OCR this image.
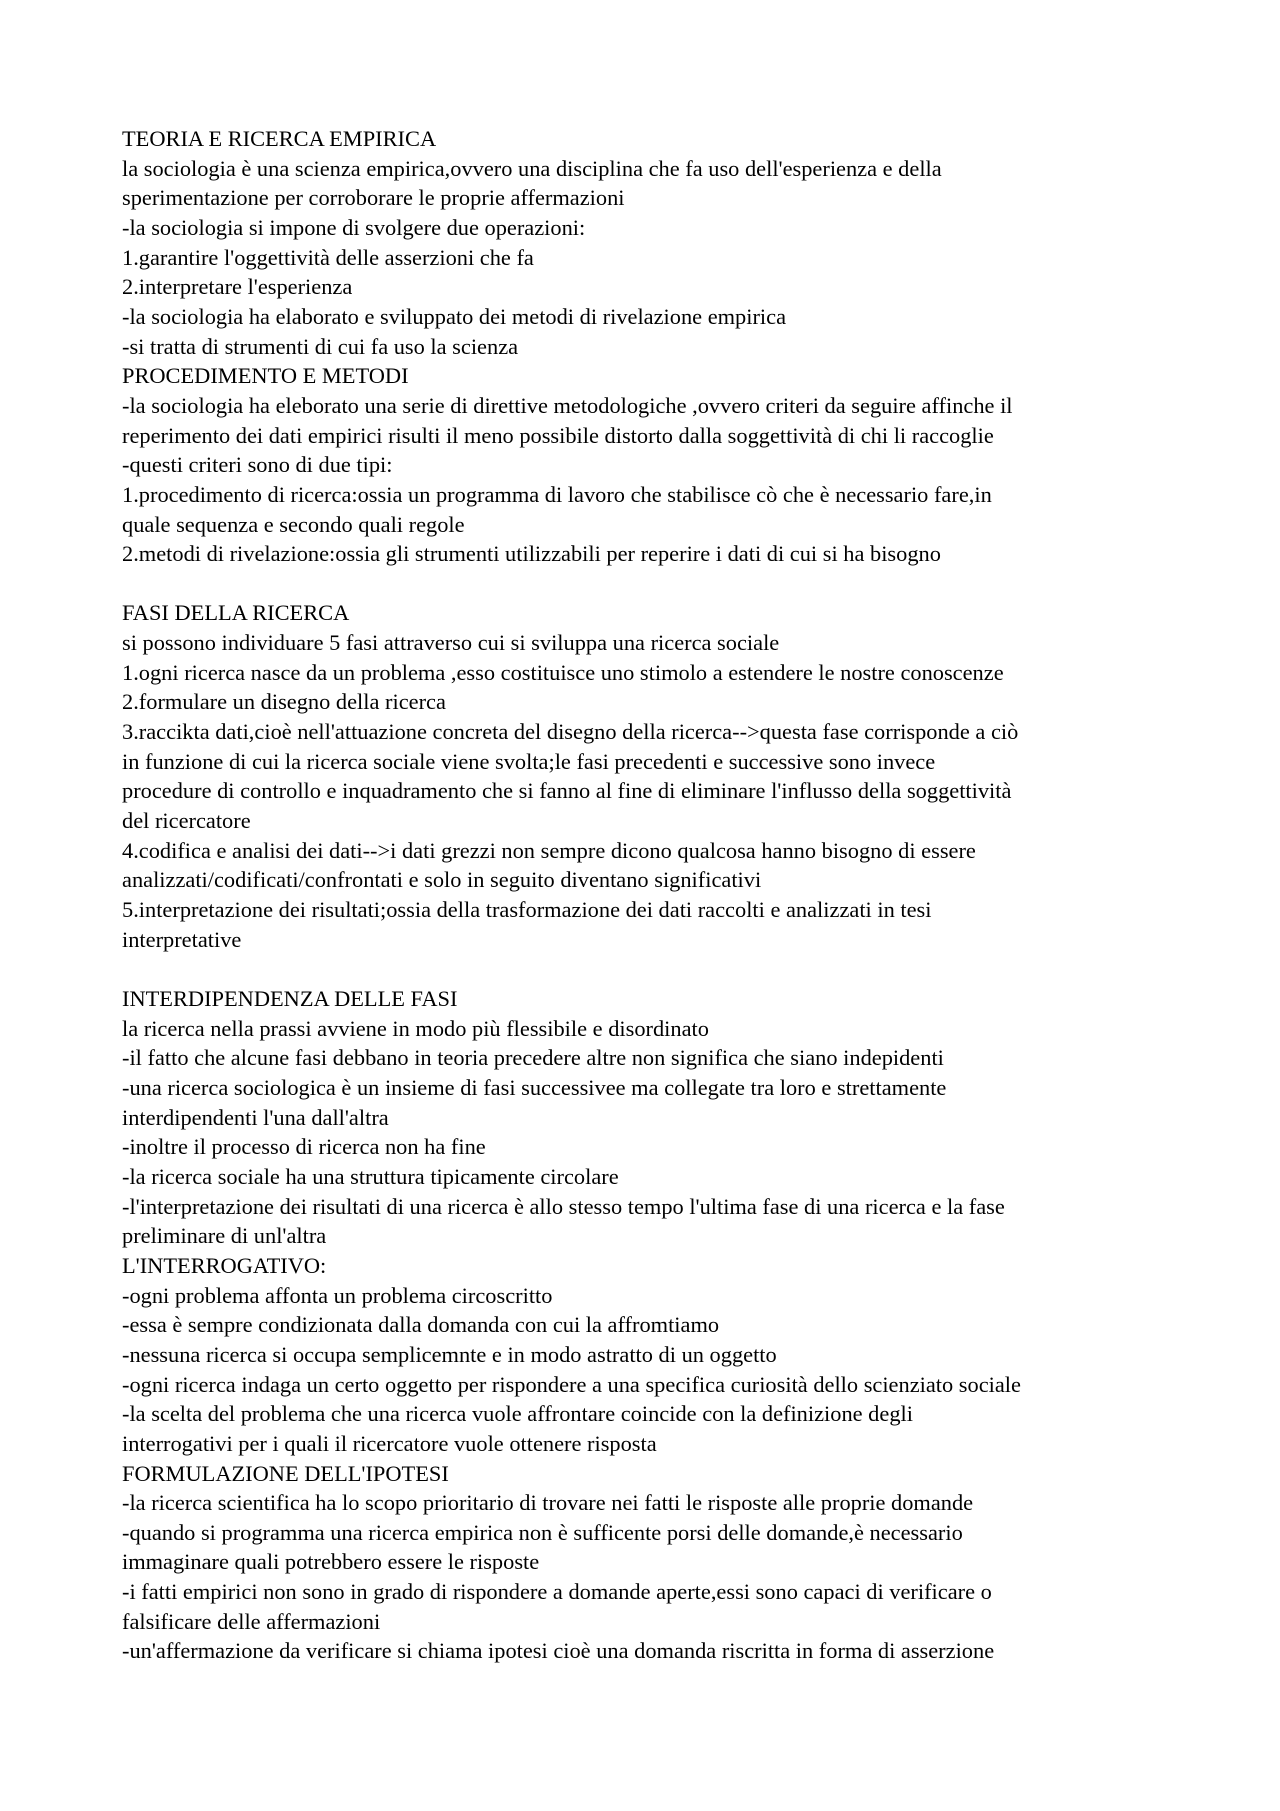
TEORIA E RICERCA EMPIRICA
la sociologia è una scienza empirica,ovvero una disciplina che fa uso dell'esperienza e della
sperimentazione per corroborare le proprie affermazioni
-la sociologia si impone di svolgere due operazioni:
1.garantire l'oggettività delle asserzioni che fa
2.interpretare l'esperienza
-la sociologia ha elaborato e sviluppato dei metodi di rivelazione empirica
-si tratta di strumenti di cui fa uso la scienza
PROCEDIMENTO E METODI
-la sociologia ha eleborato una serie di direttive metodologiche ,ovvero criteri da seguire affinche il
reperimento dei dati empirici risulti il meno possibile distorto dalla soggettività di chi li raccoglie
-questi criteri sono di due tipi:
1.procedimento di ricerca:ossia un programma di lavoro che stabilisce cò che è necessario fare,in
quale sequenza e secondo quali regole
2.metodi di rivelazione:ossia gli strumenti utilizzabili per reperire i dati di cui si ha bisogno
FASI DELLA RICERCA
si possono individuare 5 fasi attraverso cui si sviluppa una ricerca sociale
1.ogni ricerca nasce da un problema ,esso costituisce uno stimolo a estendere le nostre conoscenze
2.formulare un disegno della ricerca
3.raccikta dati,cioè nell'attuazione concreta del disegno della ricerca-->questa fase corrisponde a ciò
in funzione di cui la ricerca sociale viene svolta;le fasi precedenti e successive sono invece
procedure di controllo e inquadramento che si fanno al fine di eliminare l'influsso della soggettività
del ricercatore
4.codifica e analisi dei dati-->i dati grezzi non sempre dicono qualcosa hanno bisogno di essere
analizzati/codificati/confrontati e solo in seguito diventano significativi
5.interpretazione dei risultati;ossia della trasformazione dei dati raccolti e analizzati in tesi
interpretative
INTERDIPENDENZA DELLE FASI
la ricerca nella prassi avviene in modo più flessibile e disordinato
-il fatto che alcune fasi debbano in teoria precedere altre non significa che siano indepidenti
-una ricerca sociologica è un insieme di fasi successivee ma collegate tra loro e strettamente
interdipendenti l'una dall'altra
-inoltre il processo di ricerca non ha fine
-la ricerca sociale ha una struttura tipicamente circolare
-l'interpretazione dei risultati di una ricerca è allo stesso tempo l'ultima fase di una ricerca e la fase
preliminare di unl'altra
L'INTERROGATIVO:
-ogni problema affonta un problema circoscritto
-essa è sempre condizionata dalla domanda con cui la affromtiamo
-nessuna ricerca si occupa semplicemnte e in modo astratto di un oggetto
-ogni ricerca indaga un certo oggetto per rispondere a una specifica curiosità dello scienziato sociale
-la scelta del problema che una ricerca vuole affrontare coincide con la definizione degli
interrogativi per i quali il ricercatore vuole ottenere risposta
FORMULAZIONE DELL'IPOTESI
-la ricerca scientifica ha lo scopo prioritario di trovare nei fatti le risposte alle proprie domande
-quando si programma una ricerca empirica non è sufficente porsi delle domande,è necessario
immaginare quali potrebbero essere le risposte
-i fatti empirici non sono in grado di rispondere a domande aperte,essi sono capaci di verificare o
falsificare delle affermazioni
-un'affermazione da verificare si chiama ipotesi cioè una domanda riscritta in forma di asserzione
